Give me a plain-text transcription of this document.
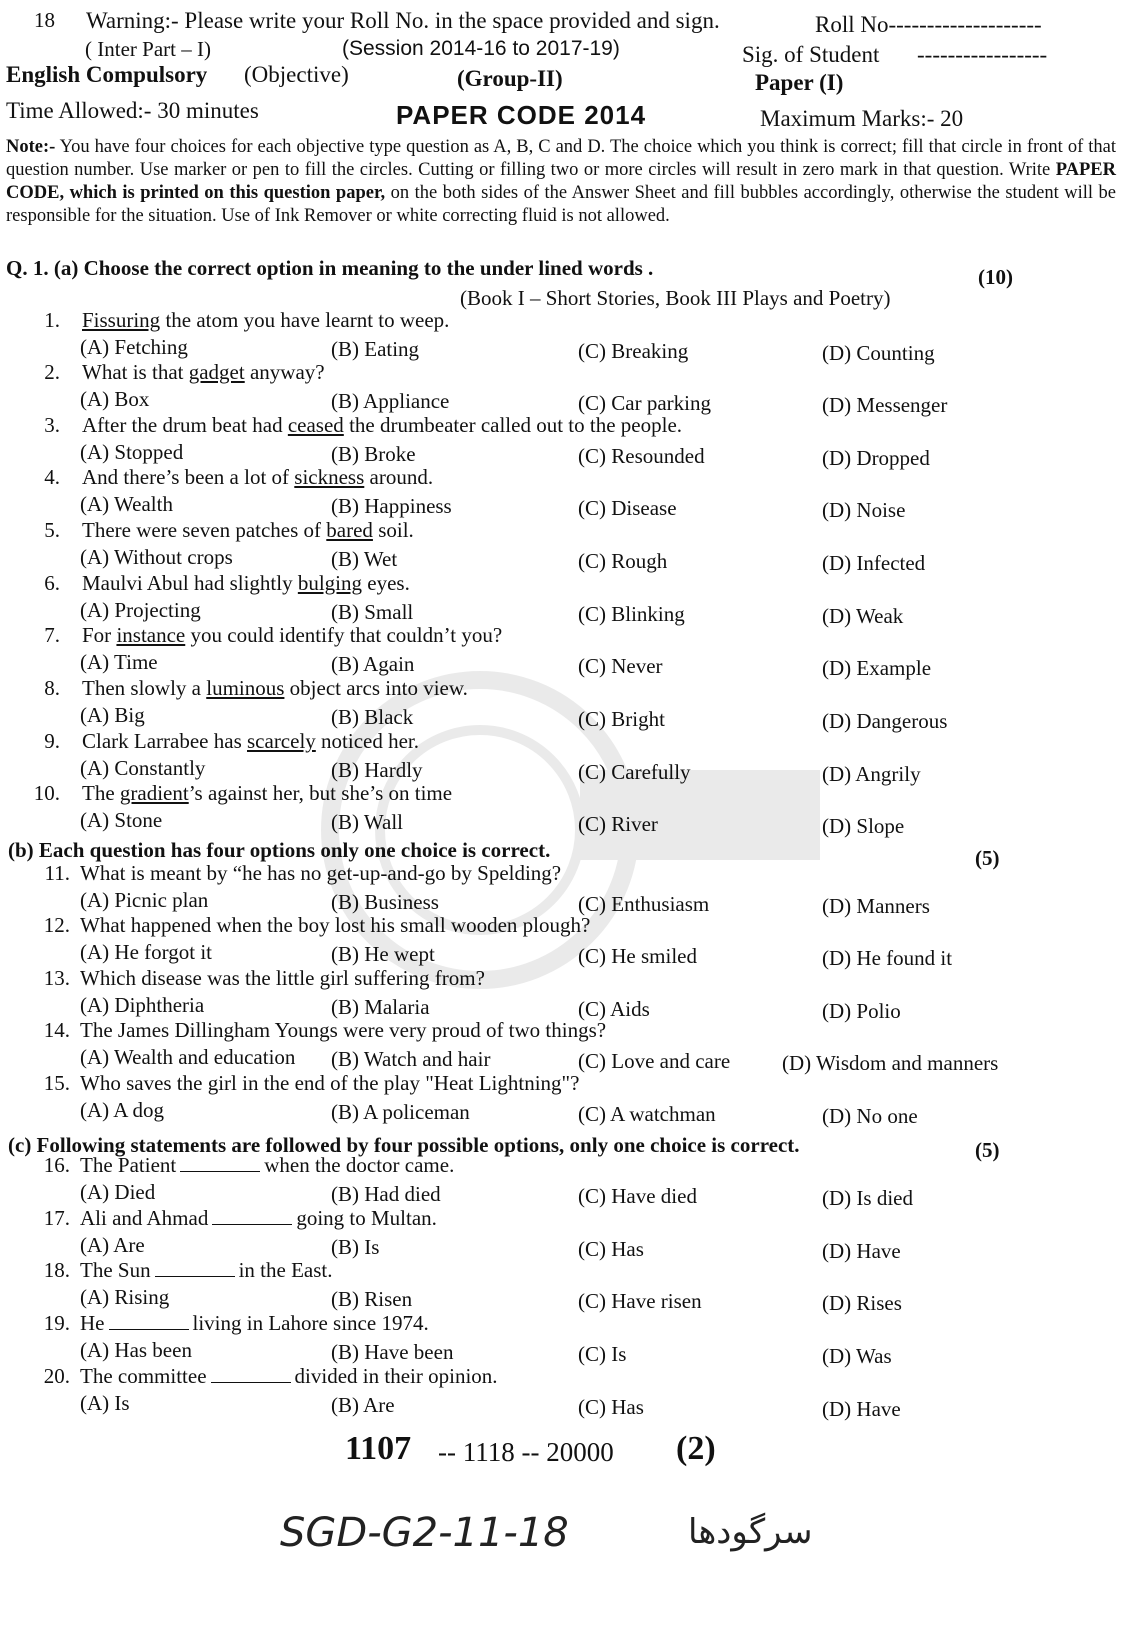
18 Warning:- Please write your Roll No. in the space provided and sign.	Roll No--------------------
( Inter Part – I)	(Session 2014-16 to 2017-19)	Sig. of Student -----------------
English Compulsory (Objective)	(Group-II)	Paper (I)
Time Allowed:- 30 minutes	PAPER CODE 2014	Maximum Marks:- 20
Note:- You have four choices for each objective type question as A, B, C and D. The choice which you think is correct; fill that circle in front of that question number. Use marker or pen to fill the circles. Cutting or filling two or more circles will result in zero mark in that question. Write PAPER CODE, which is printed on this question paper, on the both sides of the Answer Sheet and fill bubbles accordingly, otherwise the student will be responsible for the situation. Use of Ink Remover or white correcting fluid is not allowed.
Q. 1. (a) Choose the correct option in meaning to the under lined words .	(10)
(Book I – Short Stories, Book III Plays and Poetry)
(b) Each question has four options only one choice is correct.	(5)
(c) Following statements are followed by four possible options, only one choice is correct.	(5)
1. Fissuring the atom you have learnt to weep.
(A) Fetching	(B) Eating	(C) Breaking	(D) Counting
2. What is that gadget anyway?
(A) Box	(B) Appliance	(C) Car parking	(D) Messenger
3. After the drum beat had ceased the drumbeater called out to the people.
(A) Stopped	(B) Broke	(C) Resounded	(D) Dropped
4. And there’s been a lot of sickness around.
(A) Wealth	(B) Happiness	(C) Disease	(D) Noise
5. There were seven patches of bared soil.
(A) Without crops	(B) Wet	(C) Rough	(D) Infected
6. Maulvi Abul had slightly bulging eyes.
(A) Projecting	(B) Small	(C) Blinking	(D) Weak
7. For instance you could identify that couldn’t you?
(A) Time	(B) Again	(C) Never	(D) Example
8. Then slowly a luminous object arcs into view.
(A) Big	(B) Black	(C) Bright	(D) Dangerous
9. Clark Larrabee has scarcely noticed her.
(A) Constantly	(B) Hardly	(C) Carefully	(D) Angrily
10. The gradient’s against her, but she’s on time
(A) Stone	(B) Wall	(C) River	(D) Slope
11. What is meant by “he has no get-up-and-go by Spelding?
(A) Picnic plan	(B) Business	(C) Enthusiasm	(D) Manners
12. What happened when the boy lost his small wooden plough?
(A) He forgot it	(B) He wept	(C) He smiled	(D) He found it
13. Which disease was the little girl suffering from?
(A) Diphtheria	(B) Malaria	(C) Aids	(D) Polio
14. The James Dillingham Youngs were very proud of two things?
(A) Wealth and education (B) Watch and hair	(C) Love and care (D) Wisdom and manners
15. Who saves the girl in the end of the play "Heat Lightning"?
(A) A dog	(B) A policeman	(C) A watchman	(D) No one
16. The Patient	when the doctor came.
(A) Died	(B) Had died	(C) Have died	(D) Is died
17. Ali and Ahmad	going to Multan.
(A) Are	(B) Is	(C) Has	(D) Have
18. The Sun	in the East.
(A) Rising	(B) Risen	(C) Have risen	(D) Rises
19. He	living in Lahore since 1974.
(A) Has been	(B) Have been	(C) Is	(D) Was
20. The committee	divided in their opinion.
(A) Is	(B) Are	(C) Has	(D) Have
1107 -- 1118 -- 20000 (2)
SGD-G2-11-18	سرگودھا
